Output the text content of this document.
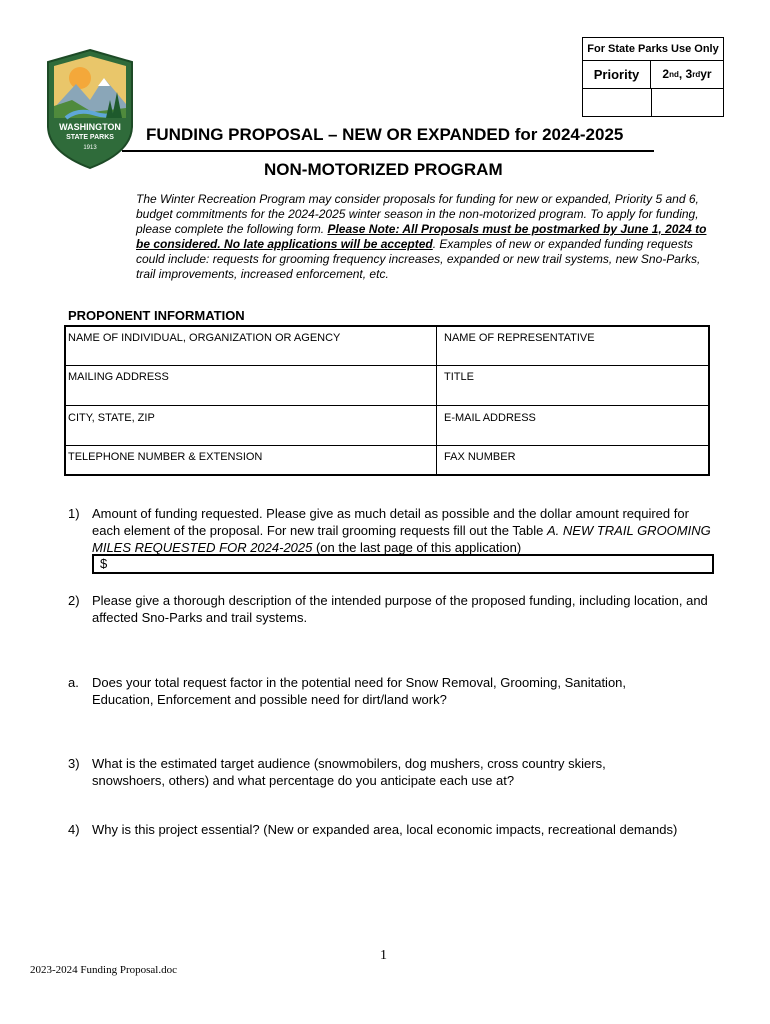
WASHINGTON
STATE PARKS
1913
For State Parks Use Only
Priority	2 nd , 3 rd yr
FUNDING PROPOSAL – NEW OR EXPANDED for 2024-2025
NON-MOTORIZED PROGRAM
The Winter Recreation Program may consider proposals for funding for new or expanded, Priority 5 and 6, budget commitments for the 2024-2025 winter season in the non-motorized program. To apply for funding, please complete the following form. Please Note: All Proposals must be postmarked by June 1, 2024 to be considered. No late applications will be accepted. Examples of new or expanded funding requests could include: requests for grooming frequency increases, expanded or new trail systems, new Sno-Parks, trail improvements, increased enforcement, etc.
PROPONENT INFORMATION
NAME OF INDIVIDUAL, ORGANIZATION OR AGENCY	NAME OF REPRESENTATIVE
MAILING ADDRESS	TITLE
CITY, STATE, ZIP	E-MAIL ADDRESS
TELEPHONE NUMBER & EXTENSION	FAX NUMBER
1) Amount of funding requested. Please give as much detail as possible and the dollar amount required for each element of the proposal. For new trail grooming requests fill out the Table A. NEW TRAIL GROOMING MILES REQUESTED FOR 2024-2025 (on the last page of this application)
$
2) Please give a thorough description of the intended purpose of the proposed funding, including location, and affected Sno-Parks and trail systems.
a. Does your total request factor in the potential need for Snow Removal, Grooming, Sanitation, Education, Enforcement and possible need for dirt/land work?
3) What is the estimated target audience (snowmobilers, dog mushers, cross country skiers, snowshoers, others) and what percentage do you anticipate each use at?
4) Why is this project essential? (New or expanded area, local economic impacts, recreational demands)
1
2023-2024 Funding Proposal.doc
